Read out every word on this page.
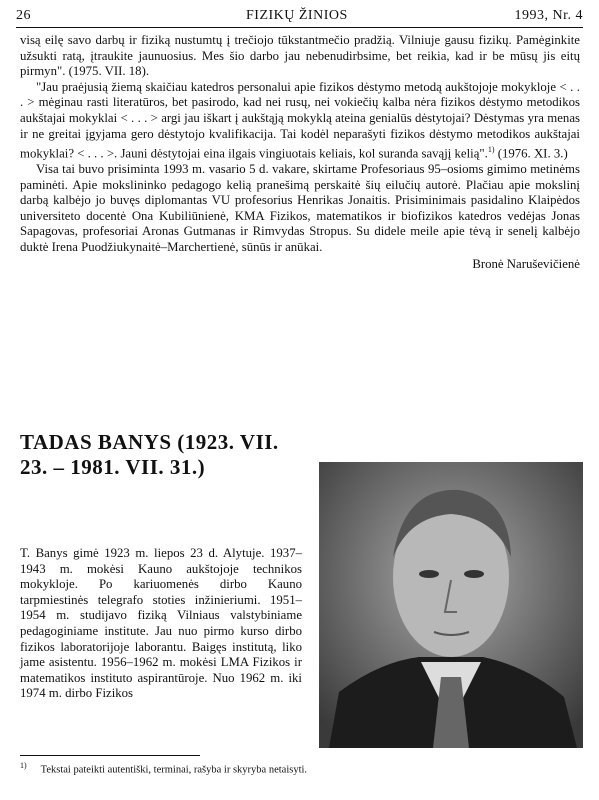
26	FIZIKŲ ŽINIOS	1993, Nr. 4

visą eilę savo darbų ir fiziką nustumtų į trečiojo tūkstantmečio pradžią. Vilniuje gausu fizikų. Pamėginkite užsukti ratą, įtraukite jaunuosius. Mes šio darbo jau nebenudirbsime, bet reikia, kad ir be mūsų jis eitų pirmyn". (1975. VII. 18).

"Jau praėjusią žiemą skaičiau katedros personalui apie fizikos dėstymo metodą aukštojoje mokykloje < . . . > mėginau rasti literatūros, bet pasirodo, kad nei rusų, nei vokiečių kalba nėra fizikos dėstymo metodikos aukštajai mokyklai < . . . > argi jau iškart į aukštąją mokyklą ateina genialūs dėstytojai? Dėstymas yra menas ir ne greitai įgyjama gero dėstytojo kvalifikacija. Tai kodėl neparašyti fizikos dėstymo metodikos aukštajai mokyklai? < . . . >. Jauni dėstytojai eina ilgais vingiuotais keliais, kol suranda savąjį kelią".$^{1)}$ (1976. XI. 3.)

Visa tai buvo prisiminta 1993 m. vasario 5 d. vakare, skirtame Profesoriaus 95–osioms gimimo metinėms paminėti. Apie mokslininko pedagogo kelią pranešimą perskaitė šių eilučių autorė. Plačiau apie mokslinį darbą kalbėjo jo buvęs diplomantas VU profesorius Henrikas Jonaitis. Prisiminimais pasidalino Klaipėdos universiteto docentė Ona Kubiliūnienė, KMA Fizikos, matematikos ir biofizikos katedros vedėjas Jonas Sapagovas, profesoriai Aronas Gutmanas ir Rimvydas Stropus. Su didele meile apie tėvą ir senelį kalbėjo duktė Irena Puodžiukynaitė–Marchertienė, sūnūs ir anūkai.

Bronė Naruševičienė

TADAS BANYS (1923. VII. 23. – 1981. VII. 31.)
T. Banys gimė 1923 m. liepos 23 d. Alytuje. 1937–1943 m. mokėsi Kauno aukštojoje technikos mokykloje. Po kariuomenės dirbo Kauno tarpmiestinės telegrafo stoties inžinieriumi. 1951–1954 m. studijavo fiziką Vilniaus valstybiniame pedagoginiame institute. Jau nuo pirmo kurso dirbo fizikos laboratorijoje laborantu. Baigęs institutą, liko jame asistentu. 1956–1962 m. mokėsi LMA Fizikos ir matematikos instituto aspirantūroje. Nuo 1962 m. iki 1974 m. dirbo Fizikos
$^{1)}$ Tekstai pateikti autentiški, terminai, rašyba ir skyryba netaisyti.
